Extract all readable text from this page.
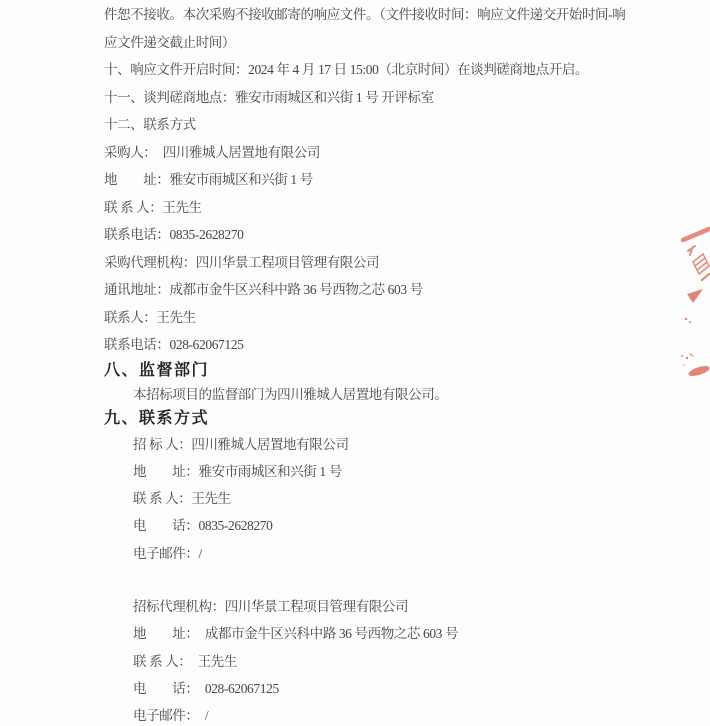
件恕不接收。本次采购不接收邮寄的响应文件。（文件接收时间：响应文件递交开始时间-响
应文件递交截止时间）
十、响应文件开启时间：2024 年 4 月 17 日 15:00（北京时间）在谈判磋商地点开启。
十一、谈判磋商地点：雅安市雨城区和兴街 1 号 开评标室
十二、联系方式
采购人：　四川雅城人居置地有限公司
地　　址：雅安市雨城区和兴街 1 号
联 系 人：王先生
联系电话：0835-2628270
采购代理机构：四川华景工程项目管理有限公司
通讯地址：成都市金牛区兴科中路 36 号西物之芯 603 号
联系人：王先生
联系电话：028-62067125
八、监督部门
本招标项目的监督部门为四川雅城人居置地有限公司。
九、联系方式
招 标 人：四川雅城人居置地有限公司
地　　址：雅安市雨城区和兴街 1 号
联 系 人：王先生
电　　话：0835-2628270
电子邮件：/
招标代理机构：四川华景工程项目管理有限公司
地　　址：　成都市金牛区兴科中路 36 号西物之芯 603 号
联 系 人：　王先生
电　　话：　028-62067125
电子邮件：　/
